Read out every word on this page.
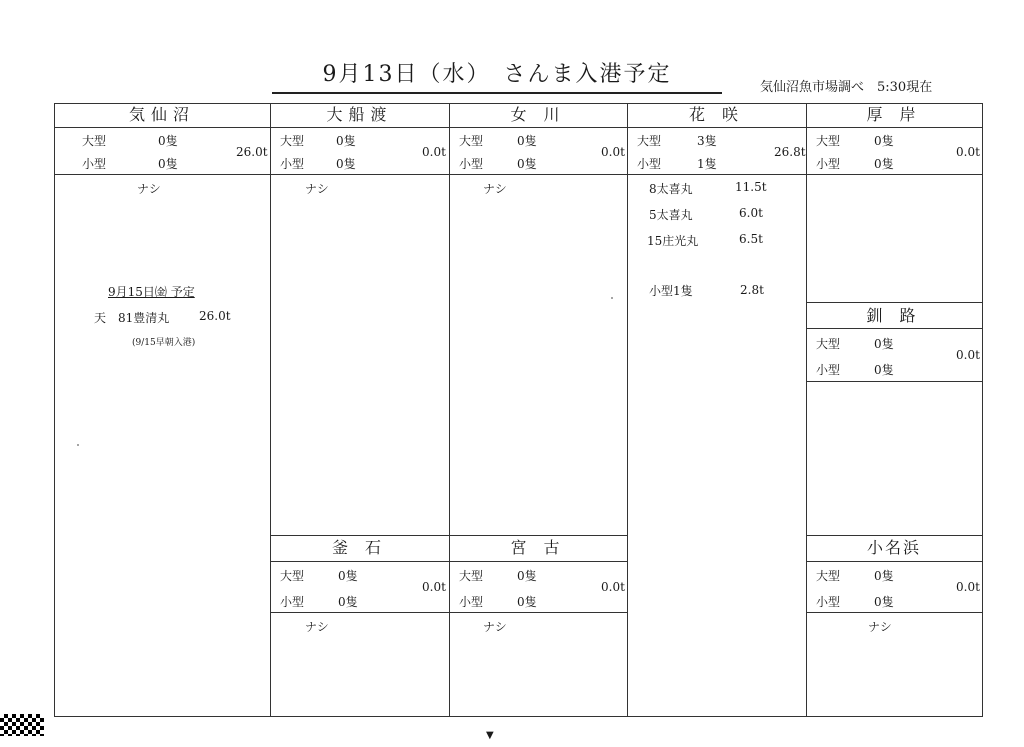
9月13日（水）　さんま入港予定
気仙沼魚市場調べ　5:30現在
気仙沼
大型	0隻
小型	0隻
26.0t
ナシ
9月15日㈮ 予定
天 81豊清丸 26.0t
(9/15早朝入港)
大船渡
大型	0隻
小型	0隻
0.0t
ナシ
女 川
大型	0隻
小型	0隻
0.0t
ナシ
花 咲
大型	3隻
小型	1隻
26.8t
8太喜丸	11.5t
5太喜丸	6.0t
15庄光丸	6.5t
小型1隻	2.8t
厚 岸
大型	0隻
小型	0隻
0.0t
釧 路
大型	0隻
小型	0隻
0.0t
釜 石
大型	0隻
小型	0隻
0.0t
ナシ
宮 古
大型	0隻
小型	0隻
0.0t
ナシ
小名浜
大型	0隻
小型	0隻
0.0t
ナシ
▼
